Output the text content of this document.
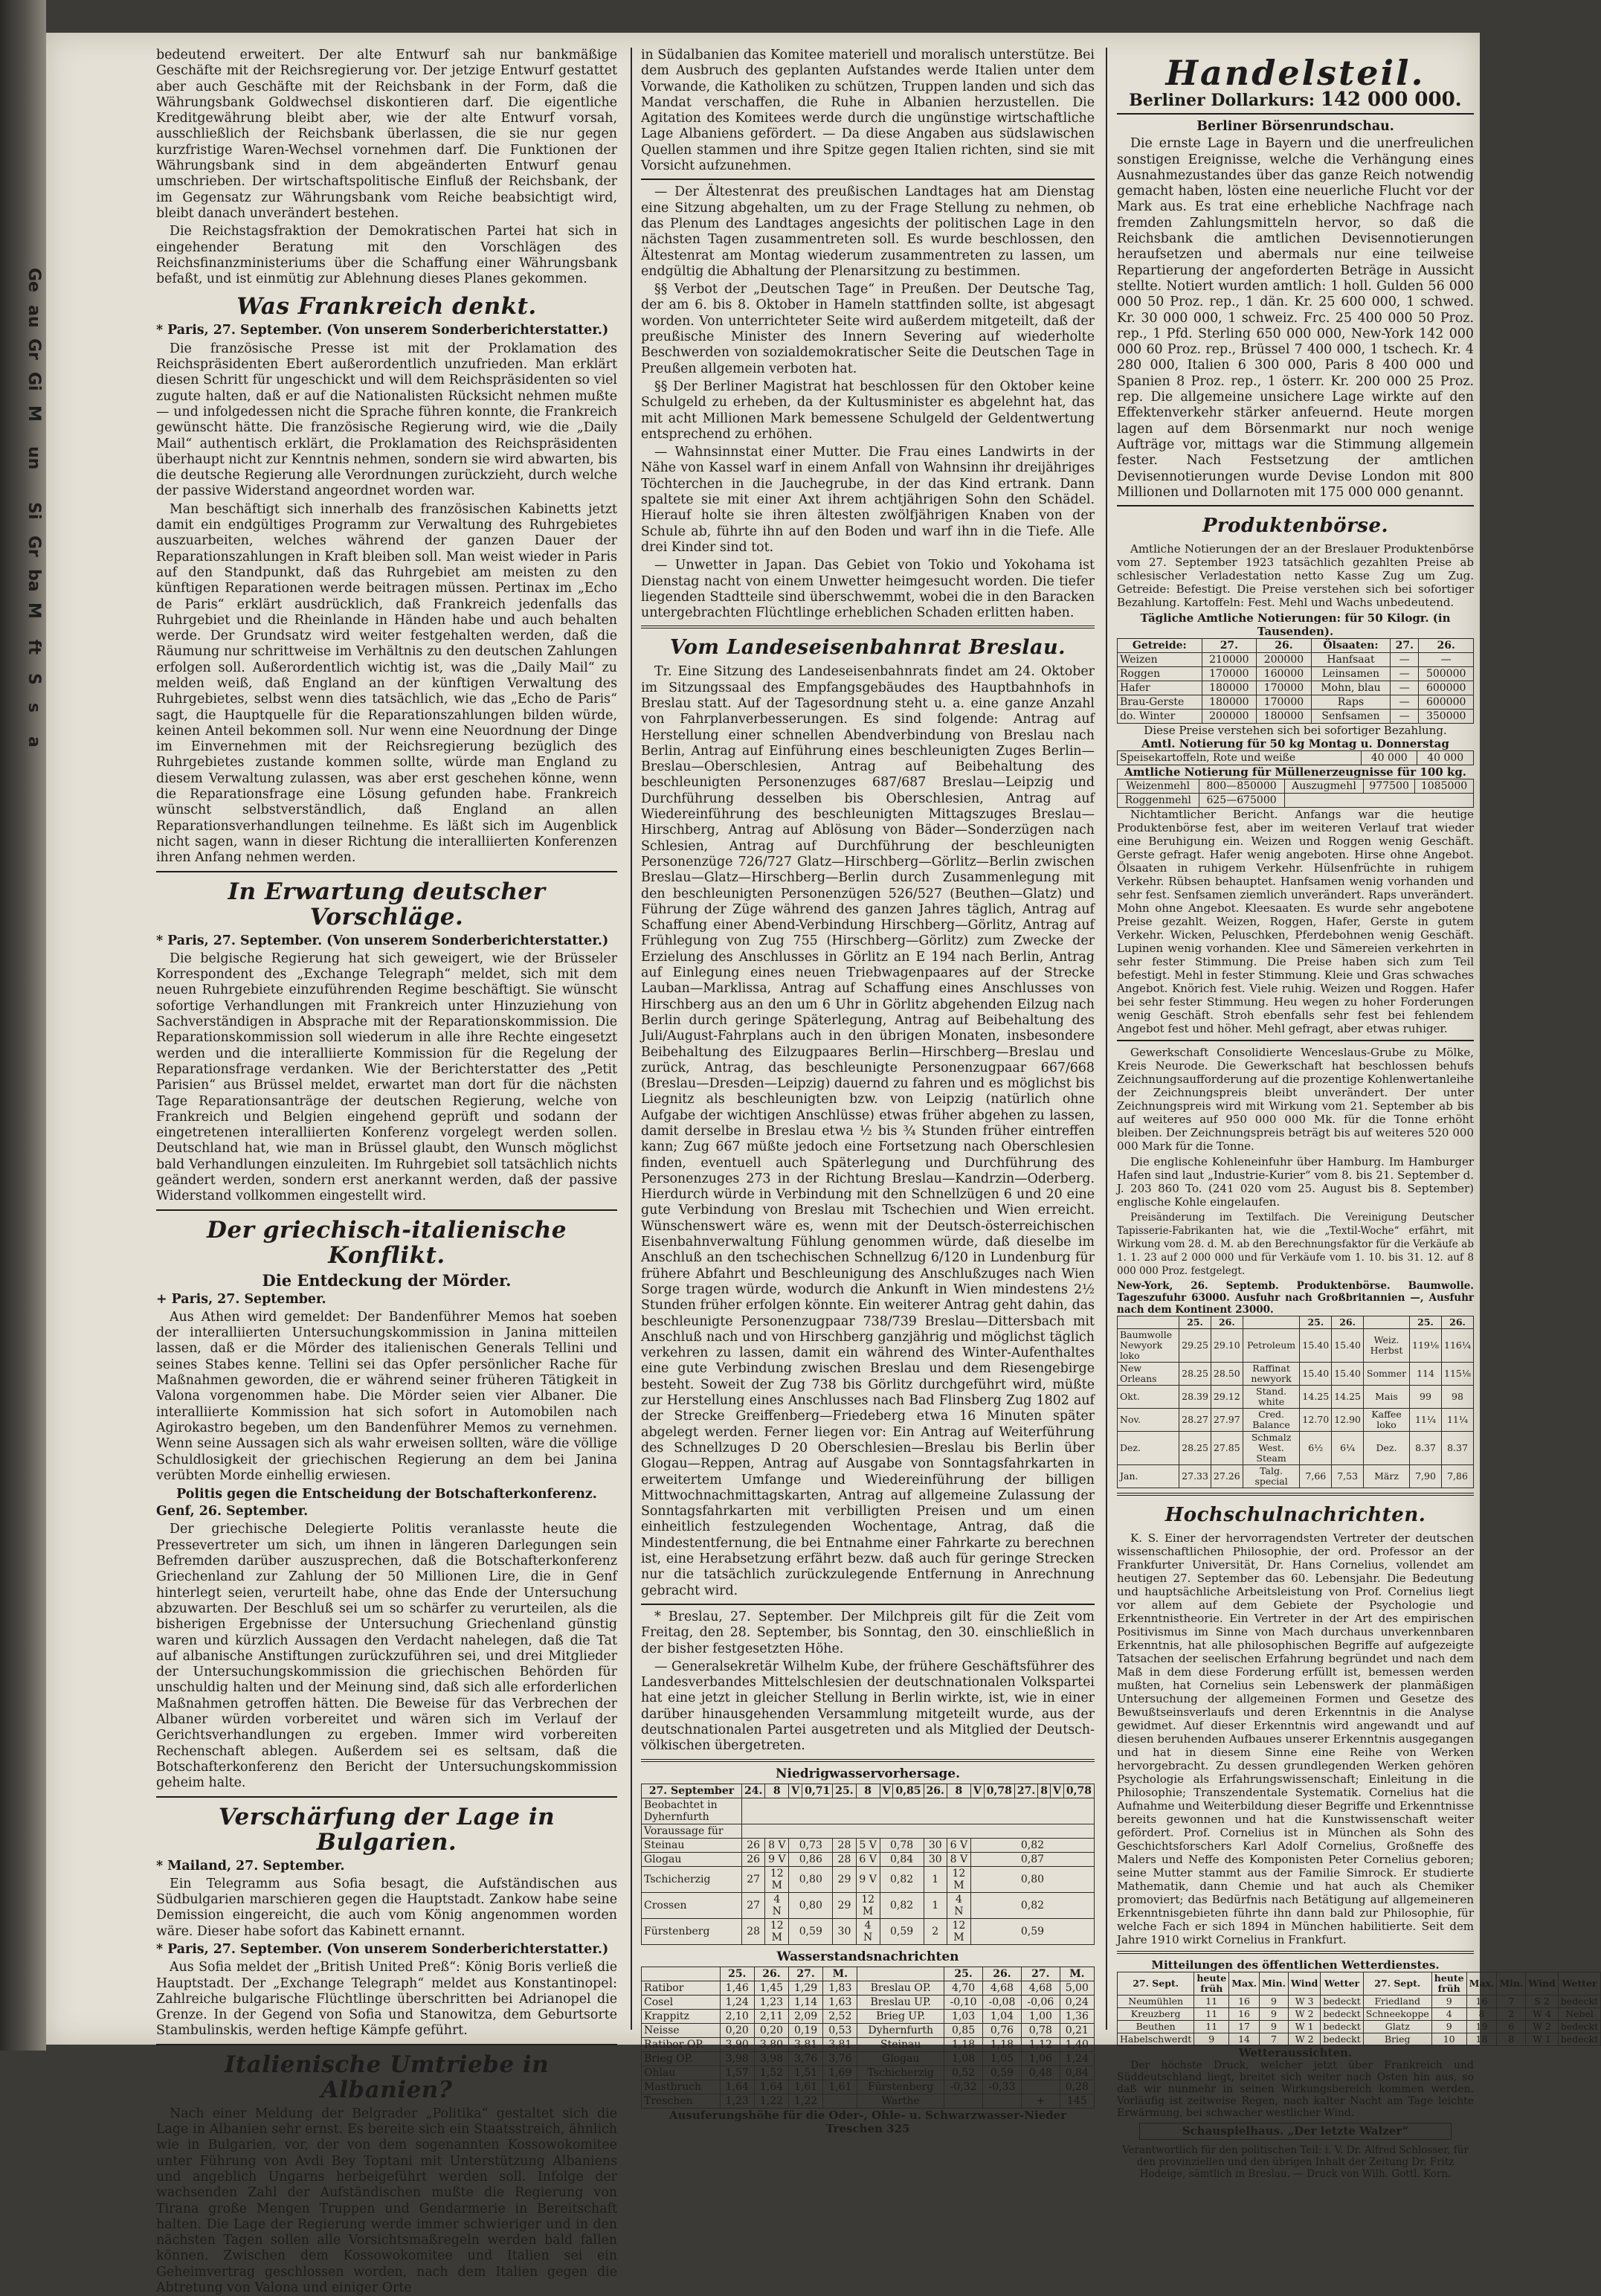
Ge
au
Gr
Gi
M
un
Si
Gr
ba
M
ft
S
s
a

bedeutend erweitert. Der alte Entwurf sah nur bankmäßige Geschäfte mit der Reichsregierung vor. Der jetzige Entwurf gestattet aber auch Geschäfte mit der Reichsbank in der Form, daß die Währungsbank Goldwechsel diskontieren darf. Die eigentliche Kreditgewährung bleibt aber, wie der alte Entwurf vorsah, ausschließlich der Reichsbank überlassen, die sie nur gegen kurzfristige Waren-Wechsel vornehmen darf. Die Funktionen der Währungsbank sind in dem abgeänderten Entwurf genau umschrieben. Der wirtschaftspolitische Einfluß der Reichsbank, der im Gegensatz zur Währungsbank vom Reiche beabsichtigt wird, bleibt danach unverändert bestehen.

Die Reichstagsfraktion der Demokratischen Partei hat sich in eingehender Beratung mit den Vorschlägen des Reichsfinanzministeriums über die Schaffung einer Währungsbank befaßt, und ist einmütig zur Ablehnung dieses Planes gekommen.

Was Frankreich denkt.

* Paris, 27. September. (Von unserem Sonderberichterstatter.)

Die französische Presse ist mit der Proklamation des Reichspräsidenten Ebert außerordentlich unzufrieden. Man erklärt diesen Schritt für ungeschickt und will dem Reichspräsidenten so viel zugute halten, daß er auf die Nationalisten Rücksicht nehmen mußte — und infolgedessen nicht die Sprache führen konnte, die Frankreich gewünscht hätte. Die französische Regierung wird, wie die „Daily Mail“ authentisch erklärt, die Proklamation des Reichspräsidenten überhaupt nicht zur Kenntnis nehmen, sondern sie wird abwarten, bis die deutsche Regierung alle Verordnungen zurückzieht, durch welche der passive Widerstand angeordnet worden war.

Man beschäftigt sich innerhalb des französischen Kabinetts jetzt damit ein endgültiges Programm zur Verwaltung des Ruhrgebietes auszuarbeiten, welches während der ganzen Dauer der Reparationszahlungen in Kraft bleiben soll. Man weist wieder in Paris auf den Standpunkt, daß das Ruhrgebiet am meisten zu den künftigen Reparationen werde beitragen müssen. Pertinax im „Echo de Paris“ erklärt ausdrücklich, daß Frankreich jedenfalls das Ruhrgebiet und die Rheinlande in Händen habe und auch behalten werde. Der Grundsatz wird weiter festgehalten werden, daß die Räumung nur schrittweise im Verhältnis zu den deutschen Zahlungen erfolgen soll. Außerordentlich wichtig ist, was die „Daily Mail“ zu melden weiß, daß England an der künftigen Verwaltung des Ruhrgebietes, selbst wenn dies tatsächlich, wie das „Echo de Paris“ sagt, die Hauptquelle für die Reparationszahlungen bilden würde, keinen Anteil bekommen soll. Nur wenn eine Neuordnung der Dinge im Einvernehmen mit der Reichsregierung bezüglich des Ruhrgebietes zustande kommen sollte, würde man England zu diesem Verwaltung zulassen, was aber erst geschehen könne, wenn die Reparationsfrage eine Lösung gefunden habe. Frankreich wünscht selbstverständlich, daß England an allen Reparationsverhandlungen teilnehme. Es läßt sich im Augenblick nicht sagen, wann in dieser Richtung die interalliierten Konferenzen ihren Anfang nehmen werden.

In Erwartung deutscher Vorschläge.

* Paris, 27. September. (Von unserem Sonderberichterstatter.)

Die belgische Regierung hat sich geweigert, wie der Brüsseler Korrespondent des „Exchange Telegraph“ meldet, sich mit dem neuen Ruhrgebiete einzuführenden Regime beschäftigt. Sie wünscht sofortige Verhandlungen mit Frankreich unter Hinzuziehung von Sachverständigen in Absprache mit der Reparationskommission. Die Reparationskommission soll wiederum in alle ihre Rechte eingesetzt werden und die interalliierte Kommission für die Regelung der Reparationsfrage verdanken. Wie der Berichterstatter des „Petit Parisien“ aus Brüssel meldet, erwartet man dort für die nächsten Tage Reparationsanträge der deutschen Regierung, welche von Frankreich und Belgien eingehend geprüft und sodann der eingetretenen interalliierten Konferenz vorgelegt werden sollen. Deutschland hat, wie man in Brüssel glaubt, den Wunsch möglichst bald Verhandlungen einzuleiten. Im Ruhrgebiet soll tatsächlich nichts geändert werden, sondern erst anerkannt werden, daß der passive Widerstand vollkommen eingestellt wird.

Der griechisch-italienische Konflikt.
Die Entdeckung der Mörder.

+ Paris, 27. September.

Aus Athen wird gemeldet: Der Bandenführer Memos hat soeben der interalliierten Untersuchungskommission in Janina mitteilen lassen, daß er die Mörder des italienischen Generals Tellini und seines Stabes kenne. Tellini sei das Opfer persönlicher Rache für Maßnahmen geworden, die er während seiner früheren Tätigkeit in Valona vorgenommen habe. Die Mörder seien vier Albaner. Die interalliierte Kommission hat sich sofort in Automobilen nach Agirokastro begeben, um den Bandenführer Memos zu vernehmen. Wenn seine Aussagen sich als wahr erweisen sollten, wäre die völlige Schuldlosigkeit der griechischen Regierung an dem bei Janina verübten Morde einhellig erwiesen.

Politis gegen die Entscheidung der Botschafterkonferenz.

Genf, 26. September.

Der griechische Delegierte Politis veranlasste heute die Pressevertreter um sich, um ihnen in längeren Darlegungen sein Befremden darüber auszusprechen, daß die Botschafterkonferenz Griechenland zur Zahlung der 50 Millionen Lire, die in Genf hinterlegt seien, verurteilt habe, ohne das Ende der Untersuchung abzuwarten. Der Beschluß sei um so schärfer zu verurteilen, als die bisherigen Ergebnisse der Untersuchung Griechenland günstig waren und kürzlich Aussagen den Verdacht nahelegen, daß die Tat auf albanische Anstiftungen zurückzuführen sei, und drei Mitglieder der Untersuchungskommission die griechischen Behörden für unschuldig halten und der Meinung sind, daß sich alle erforderlichen Maßnahmen getroffen hätten. Die Beweise für das Verbrechen der Albaner würden vorbereitet und wären sich im Verlauf der Gerichtsverhandlungen zu ergeben. Immer wird vorbereiten Rechenschaft ablegen. Außerdem sei es seltsam, daß die Botschafterkonferenz den Bericht der Untersuchungskommission geheim halte.

Verschärfung der Lage in Bulgarien.

* Mailand, 27. September.

Ein Telegramm aus Sofia besagt, die Aufständischen aus Südbulgarien marschieren gegen die Hauptstadt. Zankow habe seine Demission eingereicht, die auch vom König angenommen worden wäre. Dieser habe sofort das Kabinett ernannt.

* Paris, 27. September. (Von unserem Sonderberichterstatter.)

Aus Sofia meldet der „British United Preß“: König Boris verließ die Hauptstadt. Der „Exchange Telegraph“ meldet aus Konstantinopel: Zahlreiche bulgarische Flüchtlinge überschritten bei Adrianopel die Grenze. In der Gegend von Sofia und Stanowitza, dem Geburtsorte Stambulinskis, werden heftige Kämpfe geführt.

Italienische Umtriebe in Albanien?

Nach einer Meldung der Belgrader „Politika“ gestaltet sich die Lage in Albanien sehr ernst. Es bereite sich ein Staatsstreich, ähnlich wie in Bulgarien, vor, der von dem sogenannten Kossowokomitee unter Führung von Avdi Bey Toptani mit Unterstützung Albaniens und angeblich Ungarns herbeigeführt werden soll. Infolge der wachsenden Zahl der Aufständischen mußte die Regierung von Tirana große Mengen Truppen und Gendarmerie in Bereitschaft halten. Die Lage der Regierung werde immer schwieriger und in den nächsten Tagen sollen alle Vorsichtsmaßregeln werden bald fallen können. Zwischen dem Kossowokomitee und Italien sei ein Geheimvertrag geschlossen worden, nach dem Italien gegen die Abtretung von Valona und einiger Orte

in Südalbanien das Komitee materiell und moralisch unterstütze. Bei dem Ausbruch des geplanten Aufstandes werde Italien unter dem Vorwande, die Katholiken zu schützen, Truppen landen und sich das Mandat verschaffen, die Ruhe in Albanien herzustellen. Die Agitation des Komitees werde durch die ungünstige wirtschaftliche Lage Albaniens gefördert. — Da diese Angaben aus südslawischen Quellen stammen und ihre Spitze gegen Italien richten, sind sie mit Vorsicht aufzunehmen.

— Der Ältestenrat des preußischen Landtages hat am Dienstag eine Sitzung abgehalten, um zu der Frage Stellung zu nehmen, ob das Plenum des Landtages angesichts der politischen Lage in den nächsten Tagen zusammentreten soll. Es wurde beschlossen, den Ältestenrat am Montag wiederum zusammentreten zu lassen, um endgültig die Abhaltung der Plenarsitzung zu bestimmen.

§§ Verbot der „Deutschen Tage“ in Preußen. Der Deutsche Tag, der am 6. bis 8. Oktober in Hameln stattfinden sollte, ist abgesagt worden. Von unterrichteter Seite wird außerdem mitgeteilt, daß der preußische Minister des Innern Severing auf wiederholte Beschwerden von sozialdemokratischer Seite die Deutschen Tage in Preußen allgemein verboten hat.

§§ Der Berliner Magistrat hat beschlossen für den Oktober keine Schulgeld zu erheben, da der Kultusminister es abgelehnt hat, das mit acht Millionen Mark bemessene Schulgeld der Geldentwertung entsprechend zu erhöhen.

— Wahnsinnstat einer Mutter. Die Frau eines Landwirts in der Nähe von Kassel warf in einem Anfall von Wahnsinn ihr dreijähriges Töchterchen in die Jauchegrube, in der das Kind ertrank. Dann spaltete sie mit einer Axt ihrem achtjährigen Sohn den Schädel. Hierauf holte sie ihren ältesten zwölfjährigen Knaben von der Schule ab, führte ihn auf den Boden und warf ihn in die Tiefe. Alle drei Kinder sind tot.

— Unwetter in Japan. Das Gebiet von Tokio und Yokohama ist Dienstag nacht von einem Unwetter heimgesucht worden. Die tiefer liegenden Stadtteile sind überschwemmt, wobei die in den Baracken untergebrachten Flüchtlinge erheblichen Schaden erlitten haben.

Vom Landeseisenbahnrat Breslau.

Tr. Eine Sitzung des Landeseisenbahnrats findet am 24. Oktober im Sitzungssaal des Empfangsgebäudes des Hauptbahnhofs in Breslau statt. Auf der Tagesordnung steht u. a. eine ganze Anzahl von Fahrplanverbesserungen. Es sind folgende: Antrag auf Herstellung einer schnellen Abendverbindung von Breslau nach Berlin, Antrag auf Einführung eines beschleunigten Zuges Berlin—Breslau—Oberschlesien, Antrag auf Beibehaltung des beschleunigten Personenzuges 687/687 Breslau—Leipzig und Durchführung desselben bis Oberschlesien, Antrag auf Wiedereinführung des beschleunigten Mittagszuges Breslau—Hirschberg, Antrag auf Ablösung von Bäder—Sonderzügen nach Schlesien, Antrag auf Durchführung der beschleunigten Personenzüge 726/727 Glatz—Hirschberg—Görlitz—Berlin zwischen Breslau—Glatz—Hirschberg—Berlin durch Zusammenlegung mit den beschleunigten Personenzügen 526/527 (Beuthen—Glatz) und Führung der Züge während des ganzen Jahres täglich, Antrag auf Schaffung einer Abend-Verbindung Hirschberg—Görlitz, Antrag auf Frühlegung von Zug 755 (Hirschberg—Görlitz) zum Zwecke der Erzielung des Anschlusses in Görlitz an E 194 nach Berlin, Antrag auf Einlegung eines neuen Triebwagenpaares auf der Strecke Lauban—Marklissa, Antrag auf Schaffung eines Anschlusses von Hirschberg aus an den um 6 Uhr in Görlitz abgehenden Eilzug nach Berlin durch geringe Späterlegung, Antrag auf Beibehaltung des Juli/August-Fahrplans auch in den übrigen Monaten, insbesondere Beibehaltung des Eilzugpaares Berlin—Hirschberg—Breslau und zurück, Antrag, das beschleunigte Personenzugpaar 667/668 (Breslau—Dresden—Leipzig) dauernd zu fahren und es möglichst bis Liegnitz als beschleunigten bzw. von Leipzig (natürlich ohne Aufgabe der wichtigen Anschlüsse) etwas früher abgehen zu lassen, damit derselbe in Breslau etwa ½ bis ¾ Stunden früher eintreffen kann; Zug 667 müßte jedoch eine Fortsetzung nach Oberschlesien finden, eventuell auch Späterlegung und Durchführung des Personenzuges 273 in der Richtung Breslau—Kandrzin—Oderberg. Hierdurch würde in Verbindung mit den Schnellzügen 6 und 20 eine gute Verbindung von Breslau mit Tschechien und Wien erreicht. Wünschenswert wäre es, wenn mit der Deutsch-österreichischen Eisenbahnverwaltung Fühlung genommen würde, daß dieselbe im Anschluß an den tschechischen Schnellzug 6/120 in Lundenburg für frühere Abfahrt und Beschleunigung des Anschlußzuges nach Wien Sorge tragen würde, wodurch die Ankunft in Wien mindestens 2½ Stunden früher erfolgen könnte. Ein weiterer Antrag geht dahin, das beschleunigte Personenzugpaar 738/739 Breslau—Dittersbach mit Anschluß nach und von Hirschberg ganzjährig und möglichst täglich verkehren zu lassen, damit ein während des Winter-Aufenthaltes eine gute Verbindung zwischen Breslau und dem Riesengebirge besteht. Soweit der Zug 738 bis Görlitz durchgeführt wird, müßte zur Herstellung eines Anschlusses nach Bad Flinsberg Zug 1802 auf der Strecke Greiffenberg—Friedeberg etwa 16 Minuten später abgelegt werden. Ferner liegen vor: Ein Antrag auf Weiterführung des Schnellzuges D 20 Oberschlesien—Breslau bis Berlin über Glogau—Reppen, Antrag auf Ausgabe von Sonntagsfahrkarten in erweitertem Umfange und Wiedereinführung der billigen Mittwochnachmittagskarten, Antrag auf allgemeine Zulassung der Sonntagsfahrkarten mit verbilligten Preisen und um einen einheitlich festzulegenden Wochentage, Antrag, daß die Mindestentfernung, die bei Entnahme einer Fahrkarte zu berechnen ist, eine Herabsetzung erfährt bezw. daß auch für geringe Strecken nur die tatsächlich zurückzulegende Entfernung in Anrechnung gebracht wird.

* Breslau, 27. September. Der Milchpreis gilt für die Zeit vom Freitag, den 28. September, bis Sonntag, den 30. einschließlich in der bisher festgesetzten Höhe.

— Generalsekretär Wilhelm Kube, der frühere Geschäftsführer des Landesverbandes Mittelschlesien der deutschnationalen Volkspartei hat eine jetzt in gleicher Stellung in Berlin wirkte, ist, wie in einer darüber hinausgehenden Versammlung mitgeteilt wurde, aus der deutschnationalen Partei ausgetreten und als Mitglied der Deutsch-völkischen übergetreten.

Niedrigwasservorhersage.
27. September	24.	8	V	0,71	25.	8	V	0,85	26.	8	V	0,78	27.	8	V	0,78
Beobachtet in Dyhernfurth																
Voraussage für																
Steinau	26	8 V	0,73		28	5 V	0,78		30	6 V	0,82					
Glogau	26	9 V	0,86		28	6 V	0,84		30	8 V	0,87					
Tschicherzig	27	12 M	0,80		29	9 V	0,82		1	12 M	0,80					
Crossen	27	4 N	0,80		29	12 M	0,82		1	4 N	0,82					
Fürstenberg	28	12 M	0,59		30	4 N	0,59		2	12 M	0,59					
Wasserstandsnachrichten
	25.	26.	27.	M.		25.	26.	27.	M.
Ratibor	1,46	1,45	1,29	1,83	Breslau OP.	4,70	4,68	4,68	5,00
Cosel	1,24	1,23	1,14	1,63	Breslau UP.	-0,10	-0,08	-0,06	0,24
Krappitz	2,10	2,11	2,09	2,52	Brieg UP.	1,03	1,04	1,00	1,36
Neisse	0,20	0,20	0,19	0,53	Dyhernfurth	0,85	0,76	0,78	0,21
Ratibor OP.	3,90	3,80	3,81	3,81	Steinau	1,18	1,18	1,12	1,40
Brieg OP.	3,98	3,98	3,76	3,76	Glogau	1,08	1,05	1,06	1,24
Ohlau	1,57	1,52	1,51	1,69	Tschicherzig	0,52	0,59	0,48	0,84
Mastbruch	1,64	1,64	1,61	1,61	Fürstenberg	-0,32	-0,33		0,28
Treschen	1,23	1,22	1,22		Warthe			+	145
Ausuferungshöhe für die Oder-, Ohle- u. Schwarzwasser-Nieder Treschen 325
Handelsteil.
Berliner Dollarkurs: 142 000 000.
Berliner Börsenrundschau.

Die ernste Lage in Bayern und die unerfreulichen sonstigen Ereignisse, welche die Verhängung eines Ausnahmezustandes über das ganze Reich notwendig gemacht haben, lösten eine neuerliche Flucht vor der Mark aus. Es trat eine erhebliche Nachfrage nach fremden Zahlungsmitteln hervor, so daß die Reichsbank die amtlichen Devisennotierungen heraufsetzen und abermals nur eine teilweise Repartierung der angeforderten Beträge in Aussicht stellte. Notiert wurden amtlich: 1 holl. Gulden 56 000 000 50 Proz. rep., 1 dän. Kr. 25 600 000, 1 schwed. Kr. 30 000 000, 1 schweiz. Frc. 25 400 000 50 Proz. rep., 1 Pfd. Sterling 650 000 000, New-York 142 000 000 60 Proz. rep., Brüssel 7 400 000, 1 tschech. Kr. 4 280 000, Italien 6 300 000, Paris 8 400 000 und Spanien 8 Proz. rep., 1 österr. Kr. 200 000 25 Proz. rep. Die allgemeine unsichere Lage wirkte auf den Effektenverkehr stärker anfeuernd. Heute morgen lagen auf dem Börsenmarkt nur noch wenige Aufträge vor, mittags war die Stimmung allgemein fester. Nach Festsetzung der amtlichen Devisennotierungen wurde Devise London mit 800 Millionen und Dollarnoten mit 175 000 000 genannt.

Produktenbörse.

Amtliche Notierungen der an der Breslauer Produktenbörse vom 27. September 1923 tatsächlich gezahlten Preise ab schlesischer Verladestation netto Kasse Zug um Zug. Getreide: Befestigt. Die Preise verstehen sich bei sofortiger Bezahlung. Kartoffeln: Fest. Mehl und Wachs unbedeutend.

Tägliche Amtliche Notierungen: für 50 Kilogr. (in Tausenden).
Getreide:	27.	26.	Ölsaaten:	27.	26.
Weizen	210000	200000	Hanfsaat	—	—
Roggen	170000	160000	Leinsamen	—	500000
Hafer	180000	170000	Mohn, blau	—	600000
Brau-Gerste	180000	170000	Raps	—	600000
do. Winter	200000	180000	Senfsamen	—	350000
Diese Preise verstehen sich bei sofortiger Bezahlung.
Amtl. Notierung für 50 kg Montag u. Donnerstag
Speisekartoffeln, Rote und weiße	40 000	40 000
Amtliche Notierung für Müllenerzeugnisse für 100 kg.
Weizenmehl	800—850000	Auszugmehl	977500	1085000
Roggenmehl	625—675000			

Nichtamtlicher Bericht. Anfangs war die heutige Produktenbörse fest, aber im weiteren Verlauf trat wieder eine Beruhigung ein. Weizen und Roggen wenig Geschäft. Gerste gefragt. Hafer wenig angeboten. Hirse ohne Angebot. Ölsaaten in ruhigem Verkehr. Hülsenfrüchte in ruhigem Verkehr. Rübsen behauptet. Hanfsamen wenig vorhanden und sehr fest. Senfsamen ziemlich unverändert. Raps unverändert. Mohn ohne Angebot. Kleesaaten. Es wurde sehr angebotene Preise gezahlt. Weizen, Roggen, Hafer, Gerste in gutem Verkehr. Wicken, Peluschken, Pferdebohnen wenig Geschäft. Lupinen wenig vorhanden. Klee und Sämereien verkehrten in sehr fester Stimmung. Die Preise haben sich zum Teil befestigt. Mehl in fester Stimmung. Kleie und Gras schwaches Angebot. Knörich fest. Viele ruhig. Weizen und Roggen. Hafer bei sehr fester Stimmung. Heu wegen zu hoher Forderungen wenig Geschäft. Stroh ebenfalls sehr fest bei fehlendem Angebot fest und höher. Mehl gefragt, aber etwas ruhiger.

Gewerkschaft Consolidierte Wenceslaus-Grube zu Mölke, Kreis Neurode. Die Gewerkschaft hat beschlossen behufs Zeichnungsaufforderung auf die prozentige Kohlenwertanleihe der Zeichnungspreis bleibt unverändert. Der unter Zeichnungspreis wird mit Wirkung vom 21. September ab bis auf weiteres auf 950 000 000 Mk. für die Tonne erhöht bleiben. Der Zeichnungspreis beträgt bis auf weiteres 520 000 000 Mark für die Tonne.

Die englische Kohleneinfuhr über Hamburg. Im Hamburger Hafen sind laut „Industrie-Kurier“ vom 8. bis 21. September d. J. 203 860 To. (241 020 vom 25. August bis 8. September) englische Kohle eingelaufen.

Preisänderung im Textilfach. Die Vereinigung Deutscher Tapisserie-Fabrikanten hat, wie die „Textil-Woche“ erfährt, mit Wirkung vom 28. d. M. ab den Berechnungsfaktor für die Verkäufe ab 1. 1. 23 auf 2 000 000 und für Verkäufe vom 1. 10. bis 31. 12. auf 8 000 000 Proz. festgelegt.

New-York, 26. Septemb. Produktenbörse. Baumwolle. Tageszufuhr 63000. Ausfuhr nach Großbritannien —, Ausfuhr nach dem Kontinent 23000.
	25.	26.		25.	26.		25.	26.
Baumwolle Newyork loko	29.25	29.10	Petroleum	15.40	15.40	Weiz. Herbst	119⅛	116¼
New Orleans	28.25	28.50	Raffinat newyork	15.40	15.40	Sommer	114	115⅛
Okt.	28.39	29.12	Stand. white	14.25	14.25	Mais	99	98
Nov.	28.27	27.97	Cred. Balance	12.70	12.90	Kaffee loko	11¼	11¼
Dez.	28.25	27.85	Schmalz West. Steam	6½	6¼	Dez.	8.37	8.37
Jan.	27.33	27.26	Talg. special	7,66	7,53	März	7,90	7,86
Hochschulnachrichten.

K. S. Einer der hervorragendsten Vertreter der deutschen wissenschaftlichen Philosophie, der ord. Professor an der Frankfurter Universität, Dr. Hans Cornelius, vollendet am heutigen 27. September das 60. Lebensjahr. Die Bedeutung und hauptsächliche Arbeitsleistung von Prof. Cornelius liegt vor allem auf dem Gebiete der Psychologie und Erkenntnistheorie. Ein Vertreter in der Art des empirischen Positivismus im Sinne von Mach durchaus unverkennbaren Erkenntnis, hat alle philosophischen Begriffe auf aufgezeigte Tatsachen der seelischen Erfahrung begründet und nach dem Maß in dem diese Forderung erfüllt ist, bemessen werden mußten, hat Cornelius sein Lebenswerk der planmäßigen Untersuchung der allgemeinen Formen und Gesetze des Bewußtseinsverlaufs und deren Erkenntnis in die Analyse gewidmet. Auf dieser Erkenntnis wird angewandt und auf diesen beruhenden Aufbaues unserer Erkenntnis ausgegangen und hat in diesem Sinne eine Reihe von Werken hervorgebracht. Zu dessen grundlegenden Werken gehören Psychologie als Erfahrungswissenschaft; Einleitung in die Philosophie; Transzendentale Systematik. Cornelius hat die Aufnahme und Weiterbildung dieser Begriffe und Erkenntnisse bereits gewonnen und hat die Kunstwissenschaft weiter gefördert. Prof. Cornelius ist in München als Sohn des Geschichtsforschers Karl Adolf Cornelius, Großneffe des Malers und Neffe des Komponisten Peter Cornelius geboren; seine Mutter stammt aus der Familie Simrock. Er studierte Mathematik, dann Chemie und hat auch als Chemiker promoviert; das Bedürfnis nach Betätigung auf allgemeineren Erkenntnisgebieten führte ihn dann bald zur Philosophie, für welche Fach er sich 1894 in München habilitierte. Seit dem Jahre 1910 wirkt Cornelius in Frankfurt.

Mitteilungen des öffentlichen Wetterdienstes.
27. Sept.	heute früh	Max.	Min.	Wind	Wetter	27. Sept.	heute früh	Max.	Min.	Wind	Wetter
Neumühlen	11	16	9	W 3	bedeckt	Friedland	9	16	7	S 2	bedeckt
Kreuzberg	11	16	9	W 2	bedeckt	Schneekoppe	4	8	2	W 4	Nebel
Beuthen	11	17	9	W 1	bedeckt	Glatz	9	19	6	W 2	bedeckt
Habelschwerdt	9	14	7	W 2	bedeckt	Brieg	10	18	8	W 1	bedeckt
Wetteraussichten.

Der höchste Druck, welcher jetzt über Frankreich und Süddeutschland liegt, breitet sich weiter nach Osten hin aus, so daß wir nunmehr in seinen Wirkungsbereich kommen werden. Vorläufig ist zeitweise Regen, nach kalter Nacht am Tage leichte Erwärmung, bei schwacher westlicher Wind.

Schauspielhaus. „Der letzte Walzer“
Verantwortlich für den politischen Teil: i. V. Dr. Alfred Schlosser, für den provinziellen und den übrigen Inhalt der Zeitung Dr. Fritz Hodeige, sämtlich in Breslau. — Druck von Wilh. Gottl. Korn.
